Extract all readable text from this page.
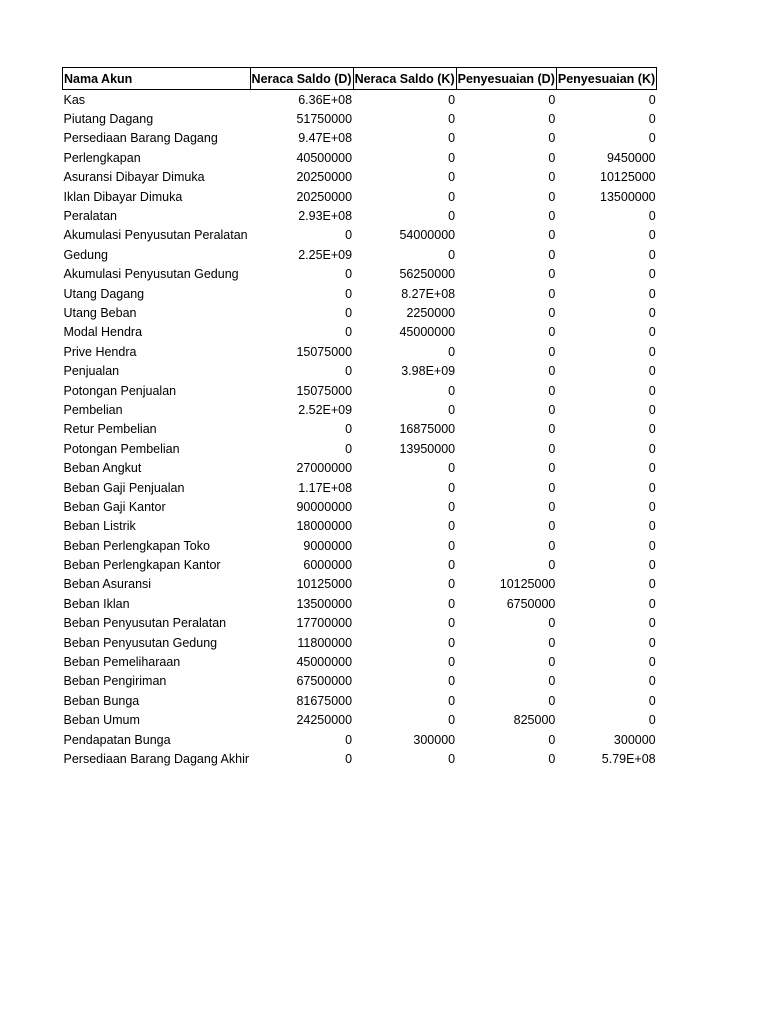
Nama Akun	Neraca Saldo (D)	Neraca Saldo (K)	Penyesuaian (D)	Penyesuaian (K)
Kas	6.36E+08	0	0	0
Piutang Dagang	51750000	0	0	0
Persediaan Barang Dagang	9.47E+08	0	0	0
Perlengkapan	40500000	0	0	9450000
Asuransi Dibayar Dimuka	20250000	0	0	10125000
Iklan Dibayar Dimuka	20250000	0	0	13500000
Peralatan	2.93E+08	0	0	0
Akumulasi Penyusutan Peralatan	0	54000000	0	0
Gedung	2.25E+09	0	0	0
Akumulasi Penyusutan Gedung	0	56250000	0	0
Utang Dagang	0	8.27E+08	0	0
Utang Beban	0	2250000	0	0
Modal Hendra	0	45000000	0	0
Prive Hendra	15075000	0	0	0
Penjualan	0	3.98E+09	0	0
Potongan Penjualan	15075000	0	0	0
Pembelian	2.52E+09	0	0	0
Retur Pembelian	0	16875000	0	0
Potongan Pembelian	0	13950000	0	0
Beban Angkut	27000000	0	0	0
Beban Gaji Penjualan	1.17E+08	0	0	0
Beban Gaji Kantor	90000000	0	0	0
Beban Listrik	18000000	0	0	0
Beban Perlengkapan Toko	9000000	0	0	0
Beban Perlengkapan Kantor	6000000	0	0	0
Beban Asuransi	10125000	0	10125000	0
Beban Iklan	13500000	0	6750000	0
Beban Penyusutan Peralatan	17700000	0	0	0
Beban Penyusutan Gedung	11800000	0	0	0
Beban Pemeliharaan	45000000	0	0	0
Beban Pengiriman	67500000	0	0	0
Beban Bunga	81675000	0	0	0
Beban Umum	24250000	0	825000	0
Pendapatan Bunga	0	300000	0	300000
Persediaan Barang Dagang Akhir	0	0	0	5.79E+08
